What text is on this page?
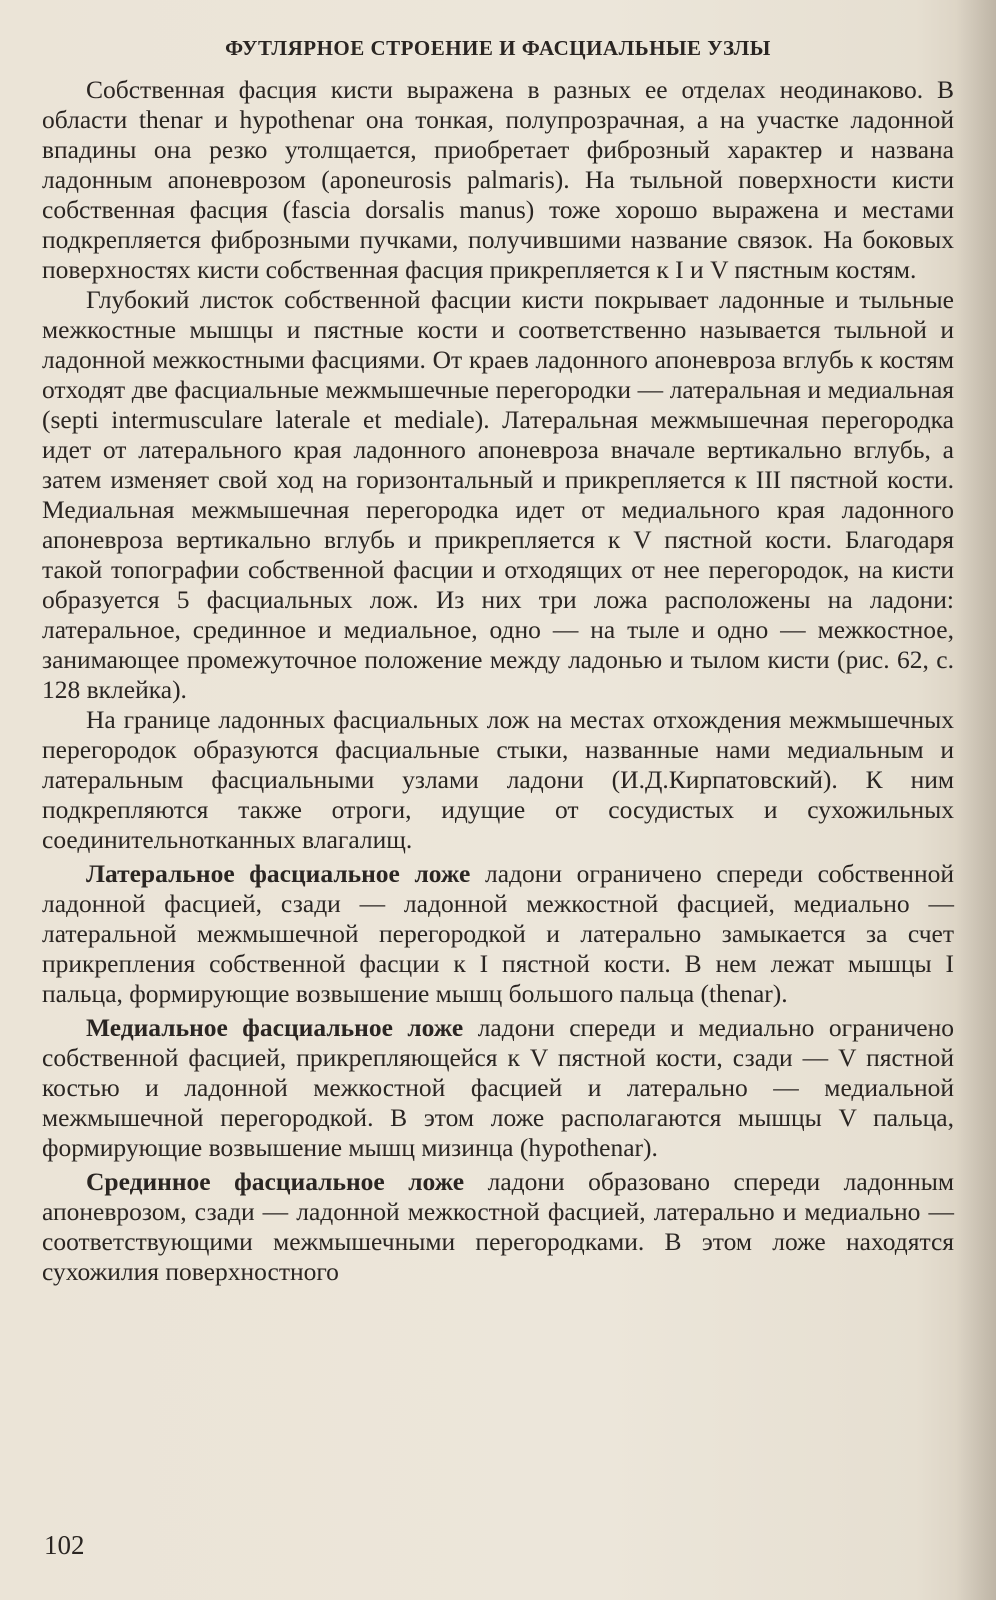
ФУТЛЯРНОЕ СТРОЕНИЕ И ФАСЦИАЛЬНЫЕ УЗЛЫ

Собственная фасция кисти выражена в разных ее отделах неодинаково. В области thenar и hypothenar она тонкая, полупрозрачная, а на участке ладонной впадины она резко утолщается, приобретает фиброзный характер и названа ладонным апоневрозом (aponeurosis palmaris). На тыльной поверхности кисти собственная фасция (fascia dorsalis manus) тоже хорошо выражена и местами подкрепляется фиброзными пучками, получившими название связок. На боковых поверхностях кисти собственная фасция прикрепляется к I и V пястным костям.

Глубокий листок собственной фасции кисти покрывает ладонные и тыльные межкостные мышцы и пястные кости и соответственно называется тыльной и ладонной межкостными фасциями. От краев ладонного апоневроза вглубь к костям отходят две фасциальные межмышечные перегородки — латеральная и медиальная (septi intermusculare laterale et mediale). Латеральная межмышечная перегородка идет от латерального края ладонного апоневроза вначале вертикально вглубь, а затем изменяет свой ход на горизонтальный и прикрепляется к III пястной кости. Медиальная межмышечная перегородка идет от медиального края ладонного апоневроза вертикально вглубь и прикрепляется к V пястной кости. Благодаря такой топографии собственной фасции и отходящих от нее перегородок, на кисти образуется 5 фасциальных лож. Из них три ложа расположены на ладони: латеральное, срединное и медиальное, одно — на тыле и одно — межкостное, занимающее промежуточное положение между ладонью и тылом кисти (рис. 62, с. 128 вклейка).

На границе ладонных фасциальных лож на местах отхождения межмышечных перегородок образуются фасциальные стыки, названные нами медиальным и латеральным фасциальными узлами ладони (И.Д.Кирпатовский). К ним подкрепляются также отроги, идущие от сосудистых и сухожильных соединительнотканных влагалищ.

Латеральное фасциальное ложе ладони ограничено спереди собственной ладонной фасцией, сзади — ладонной межкостной фасцией, медиально — латеральной межмышечной перегородкой и латерально замыкается за счет прикрепления собственной фасции к I пястной кости. В нем лежат мышцы I пальца, формирующие возвышение мышц большого пальца (thenar).

Медиальное фасциальное ложе ладони спереди и медиально ограничено собственной фасцией, прикрепляющейся к V пястной кости, сзади — V пястной костью и ладонной межкостной фасцией и латерально — медиальной межмышечной перегородкой. В этом ложе располагаются мышцы V пальца, формирующие возвышение мышц мизинца (hypothenar).

Срединное фасциальное ложе ладони образовано спереди ладонным апоневрозом, сзади — ладонной межкостной фасцией, латерально и медиально — соответствующими межмышечными перегородками. В этом ложе находятся сухожилия поверхностного

102
